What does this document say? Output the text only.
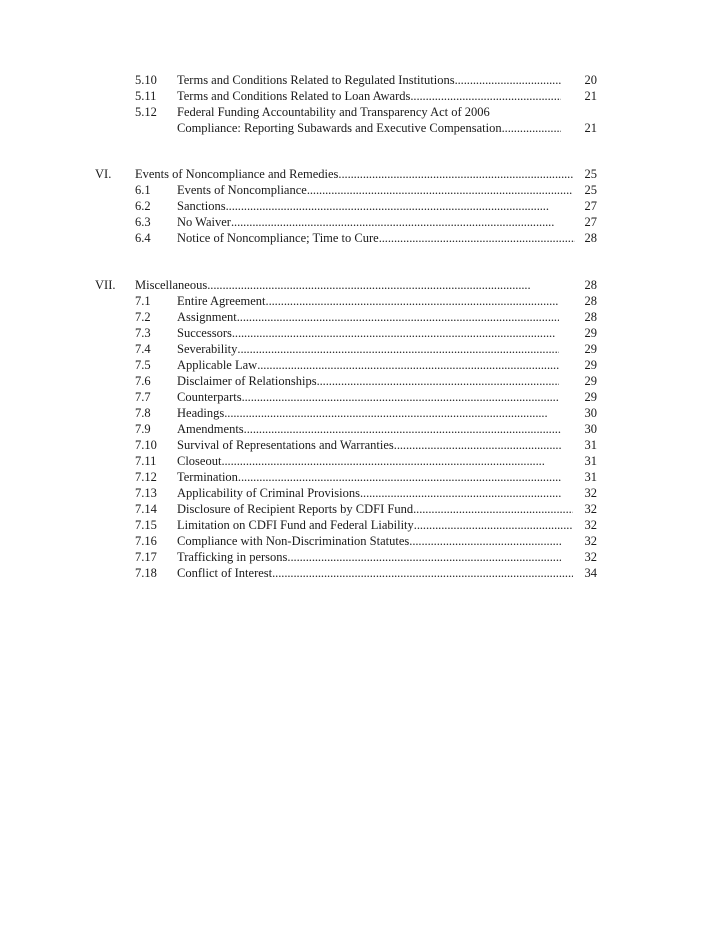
5.10 Terms and Conditions Related to Regulated Institutions . . .	20
5.11 Terms and Conditions Related to Loan Awards . . .	21
5.12 Federal Funding Accountability and Transparency Act of 2006
Compliance: Reporting Subawards and Executive Compensation . . .	21
VI. Events of Noncompliance and Remedies . . .	25
6.1 Events of Noncompliance . . .	25
6.2 Sanctions . . .	27
6.3 No Waiver . . .	27
6.4 Notice of Noncompliance; Time to Cure . . .	28
VII. Miscellaneous . . .	28
7.1 Entire Agreement . . .	28
7.2 Assignment . . .	28
7.3 Successors . . .	29
7.4 Severability . . .	29
7.5 Applicable Law . . .	29
7.6 Disclaimer of Relationships . . .	29
7.7 Counterparts . . .	29
7.8 Headings . . .	30
7.9 Amendments . . .	30
7.10 Survival of Representations and Warranties . . .	31
7.11 Closeout . . .	31
7.12 Termination . . .	31
7.13 Applicability of Criminal Provisions . . .	32
7.14 Disclosure of Recipient Reports by CDFI Fund . . .	32
7.15 Limitation on CDFI Fund and Federal Liability . . .	32
7.16 Compliance with Non-Discrimination Statutes . . .	32
7.17 Trafficking in persons . . .	32
7.18 Conflict of Interest . . .	34
